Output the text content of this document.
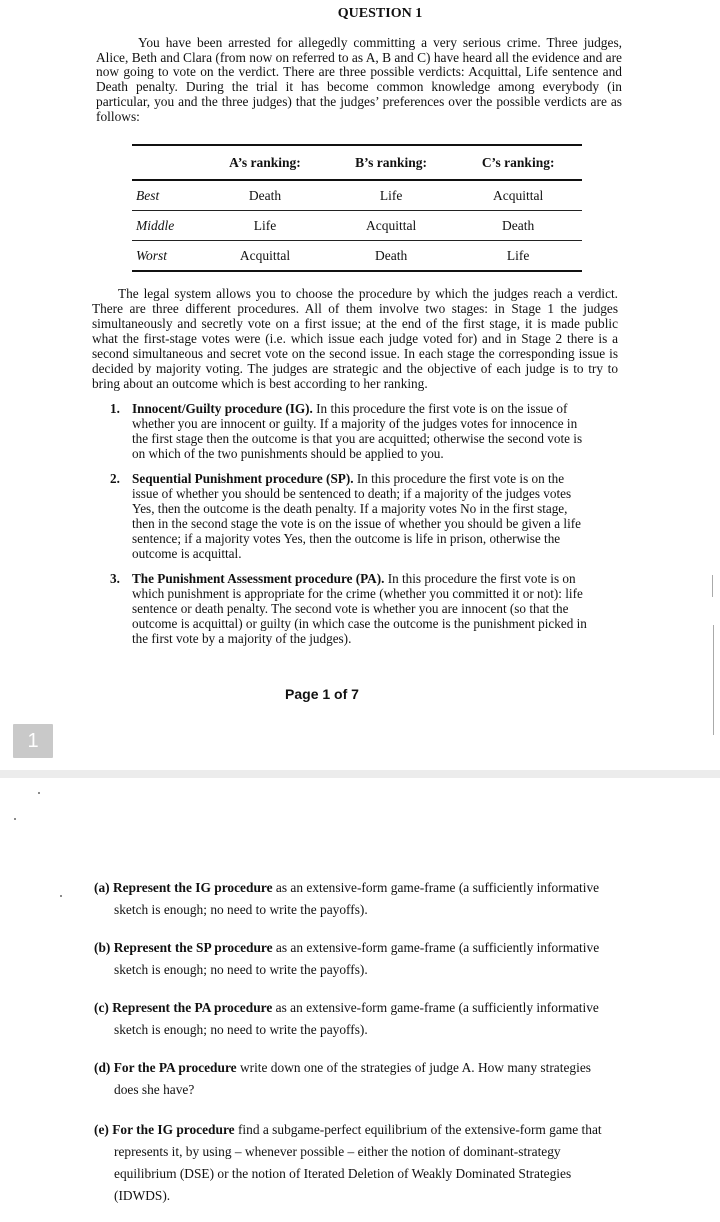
QUESTION 1
You have been arrested for allegedly committing a very serious crime. Three judges, Alice, Beth and Clara (from now on referred to as A, B and C) have heard all the evidence and are now going to vote on the verdict. There are three possible verdicts: Acquittal, Life sentence and Death penalty. During the trial it has become common knowledge among everybody (in particular, you and the three judges) that the judges’ preferences over the possible verdicts are as follows:
	A’s ranking:	B’s ranking:	C’s ranking:
Best	Death	Life	Acquittal
Middle	Life	Acquittal	Death
Worst	Acquittal	Death	Life
The legal system allows you to choose the procedure by which the judges reach a verdict. There are three different procedures. All of them involve two stages: in Stage 1 the judges simultaneously and secretly vote on a first issue; at the end of the first stage, it is made public what the first-stage votes were (i.e. which issue each judge voted for) and in Stage 2 there is a second simultaneous and secret vote on the second issue. In each stage the corresponding issue is decided by majority voting. The judges are strategic and the objective of each judge is to try to bring about an outcome which is best according to her ranking.
1. Innocent/Guilty procedure (IG). In this procedure the first vote is on the issue of whether you are innocent or guilty. If a majority of the judges votes for innocence in the first stage then the outcome is that you are acquitted; otherwise the second vote is on which of the two punishments should be applied to you.
2. Sequential Punishment procedure (SP). In this procedure the first vote is on the issue of whether you should be sentenced to death; if a majority of the judges votes Yes, then the outcome is the death penalty. If a majority votes No in the first stage, then in the second stage the vote is on the issue of whether you should be given a life sentence; if a majority votes Yes, then the outcome is life in prison, otherwise the outcome is acquittal.
3. The Punishment Assessment procedure (PA). In this procedure the first vote is on which punishment is appropriate for the crime (whether you committed it or not): life sentence or death penalty. The second vote is whether you are innocent (so that the outcome is acquittal) or guilty (in which case the outcome is the punishment picked in the first vote by a majority of the judges).
Page 1 of 7
1
(a) Represent the IG procedure as an extensive-form game-frame (a sufficiently informative
sketch is enough; no need to write the payoffs).
(b) Represent the SP procedure as an extensive-form game-frame (a sufficiently informative
sketch is enough; no need to write the payoffs).
(c) Represent the PA procedure as an extensive-form game-frame (a sufficiently informative
sketch is enough; no need to write the payoffs).
(d) For the PA procedure write down one of the strategies of judge A. How many strategies
does she have?
(e) For the IG procedure find a subgame-perfect equilibrium of the extensive-form game that
represents it, by using – whenever possible – either the notion of dominant-strategy equilibrium (DSE) or the notion of Iterated Deletion of Weakly Dominated Strategies (IDWDS).
